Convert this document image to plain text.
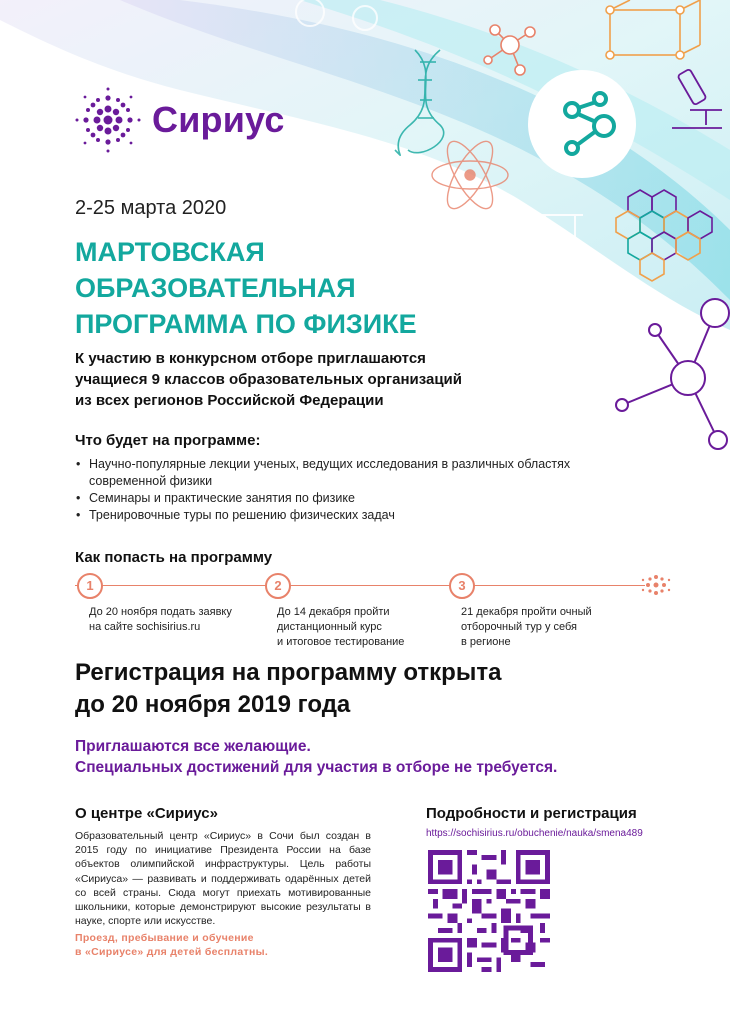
Сириус
2-25 марта 2020
МАРТОВСКАЯ
ОБРАЗОВАТЕЛЬНАЯ
ПРОГРАММА ПО ФИЗИКЕ
К участию в конкурсном отборе приглашаются
учащиеся 9 классов образовательных организаций
из всех регионов Российской Федерации
Что будет на программе:
• Научно-популярные лекции ученых, ведущих исследования в различных областях современной физики
• Семинары и практические занятия по физике
• Тренировочные туры по решению физических задач
Как попасть на программу
1	2	3
До 20 ноября подать заявку
на сайте sochisirius.ru
До 14 декабря пройти
дистанционный курс
и итоговое тестирование
21 декабря пройти очный
отборочный тур у себя
в регионе
Регистрация на программу открыта
до 20 ноября 2019 года
Приглашаются все желающие.
Специальных достижений для участия в отборе не требуется.
О центре «Сириус»
Образовательный центр «Сириус» в Сочи был создан в 2015 году по инициативе Президента России на базе объектов олимпийской инфраструктуры. Цель работы «Сириуса» — развивать и поддерживать одарённых детей со всей страны. Сюда могут приехать мотивированные школьники, которые демонстрируют высокие результаты в науке, спорте или искусстве.
Проезд, пребывание и обучение
в «Сириусе» для детей бесплатны.
Подробности и регистрация
https://sochisirius.ru/obuchenie/nauka/smena489
